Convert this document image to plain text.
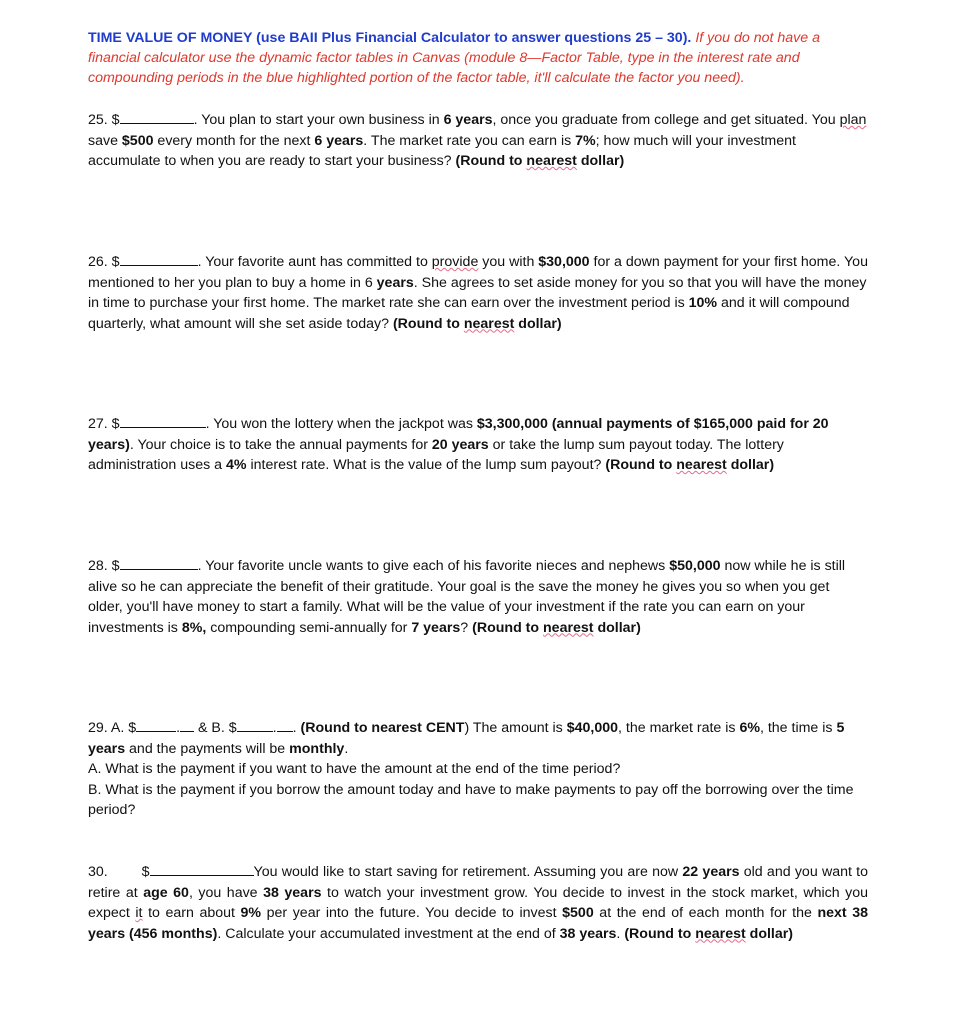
TIME VALUE OF MONEY (use BAII Plus Financial Calculator to answer questions 25 – 30). If you do not have a financial calculator use the dynamic factor tables in Canvas (module 8—Factor Table, type in the interest rate and compounding periods in the blue highlighted portion of the factor table, it'll calculate the factor you need).
25. $	. You plan to start your own business in 6 years, once you graduate from college and get situated. You plan save $500 every month for the next 6 years. The market rate you can earn is 7%; how much will your investment accumulate to when you are ready to start your business? (Round to nearest dollar)
26. $	. Your favorite aunt has committed to provide you with $30,000 for a down payment for your first home. You mentioned to her you plan to buy a home in 6 years. She agrees to set aside money for you so that you will have the money in time to purchase your first home. The market rate she can earn over the investment period is 10% and it will compound quarterly, what amount will she set aside today? (Round to nearest dollar)
27. $	. You won the lottery when the jackpot was $3,300,000 (annual payments of $165,000 paid for 20 years). Your choice is to take the annual payments for 20 years or take the lump sum payout today. The lottery administration uses a 4% interest rate. What is the value of the lump sum payout? (Round to nearest dollar)
28. $	. Your favorite uncle wants to give each of his favorite nieces and nephews $50,000 now while he is still alive so he can appreciate the benefit of their gratitude. Your goal is the save the money he gives you so when you get older, you'll have money to start a family. What will be the value of your investment if the rate you can earn on your investments is 8%, compounding semi-annually for 7 years? (Round to nearest dollar)
29. A. $	. & B. $	. . (Round to nearest CENT) The amount is $40,000, the market rate is 6%, the time is 5 years and the payments will be monthly.
A. What is the payment if you want to have the amount at the end of the time period?
B. What is the payment if you borrow the amount today and have to make payments to pay off the borrowing over the time period?
30. $	You would like to start saving for retirement. Assuming you are now 22 years old and you want to retire at age 60, you have 38 years to watch your investment grow. You decide to invest in the stock market, which you expect it to earn about 9% per year into the future. You decide to invest $500 at the end of each month for the next 38 years (456 months). Calculate your accumulated investment at the end of 38 years. (Round to nearest dollar)
